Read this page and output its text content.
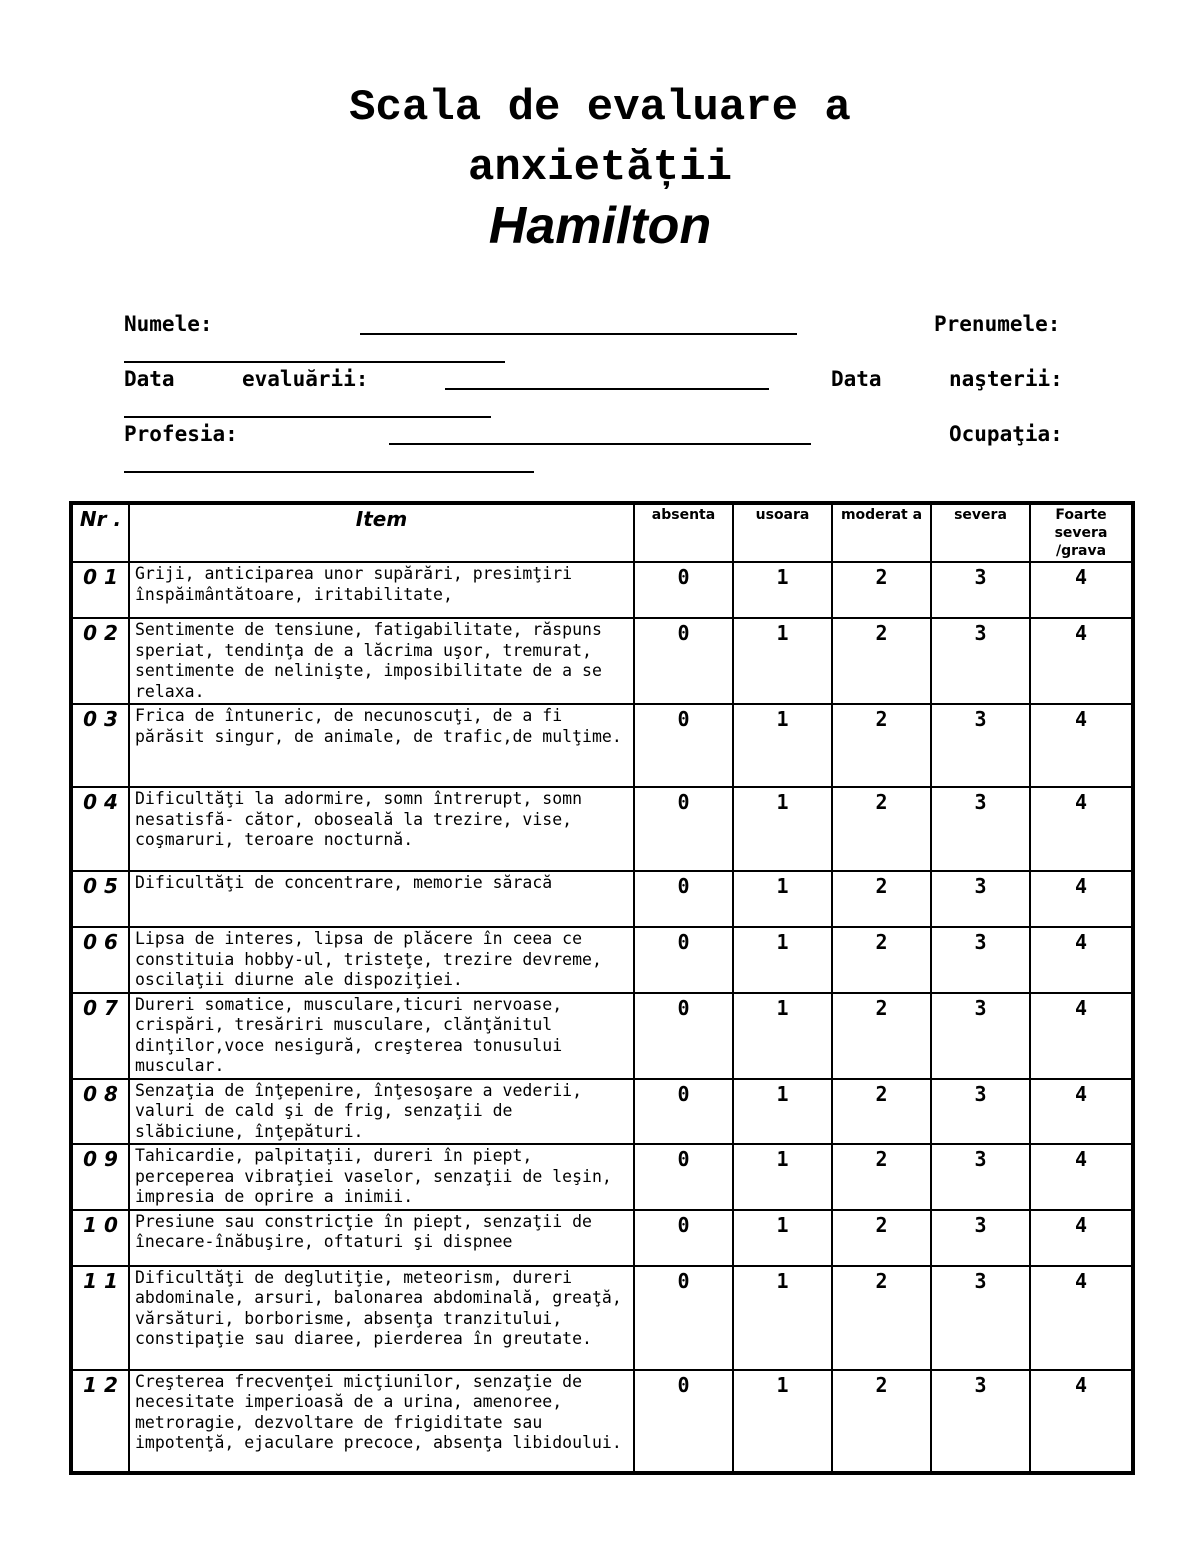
Scala de evaluare a
anxietății
Hamilton
Numele:	Prenumele:
Data	evaluării:	Data	naşterii:
Profesia:	Ocupaţia:
Nr .	Item	absenta	usoara	moderat a	severa	Foarte severa /grava
0 1	Griji, anticiparea unor supărări, presimţiri înspăimântătoare, iritabilitate,	0	1	2	3	4
0 2	Sentimente de tensiune, fatigabilitate, răspuns speriat, tendinţa de a lăcrima uşor, tremurat, sentimente de nelinişte, imposibilitate de a se relaxa.	0	1	2	3	4
0 3	Frica de întuneric, de necunoscuţi, de a fi părăsit singur, de animale, de trafic,de mulţime.	0	1	2	3	4
0 4	Dificultăţi la adormire, somn întrerupt, somn nesatisfă- cător, oboseală la trezire, vise, coşmaruri, teroare nocturnă.	0	1	2	3	4
0 5	Dificultăţi de concentrare, memorie săracă	0	1	2	3	4
0 6	Lipsa de interes, lipsa de plăcere în ceea ce constituia hobby-ul, tristeţe, trezire devreme, oscilaţii diurne ale dispoziţiei.	0	1	2	3	4
0 7	Dureri somatice, musculare,ticuri nervoase, crispări, tresăriri musculare, clănţănitul dinţilor,voce nesigură, creşterea tonusului muscular.	0	1	2	3	4
0 8	Senzaţia de înţepenire, înţesoşare a vederii, valuri de cald şi de frig, senzaţii de slăbiciune, înţepături.	0	1	2	3	4
0 9	Tahicardie, palpitaţii, dureri în piept, perceperea vibraţiei vaselor, senzaţii de leşin, impresia de oprire a inimii.	0	1	2	3	4
1 0	Presiune sau constricţie în piept, senzaţii de înecare-înăbuşire, oftaturi şi dispnee	0	1	2	3	4
1 1	Dificultăţi de deglutiţie, meteorism, dureri abdominale, arsuri, balonarea abdominală, greaţă, vărsături, borborisme, absenţa tranzitului, constipaţie sau diaree, pierderea în greutate.	0	1	2	3	4
1 2	Creşterea frecvenţei micţiunilor, senzaţie de necesitate imperioasă de a urina, amenoree, metroragie, dezvoltare de frigiditate sau impotenţă, ejaculare precoce, absenţa libidoului.	0	1	2	3	4
